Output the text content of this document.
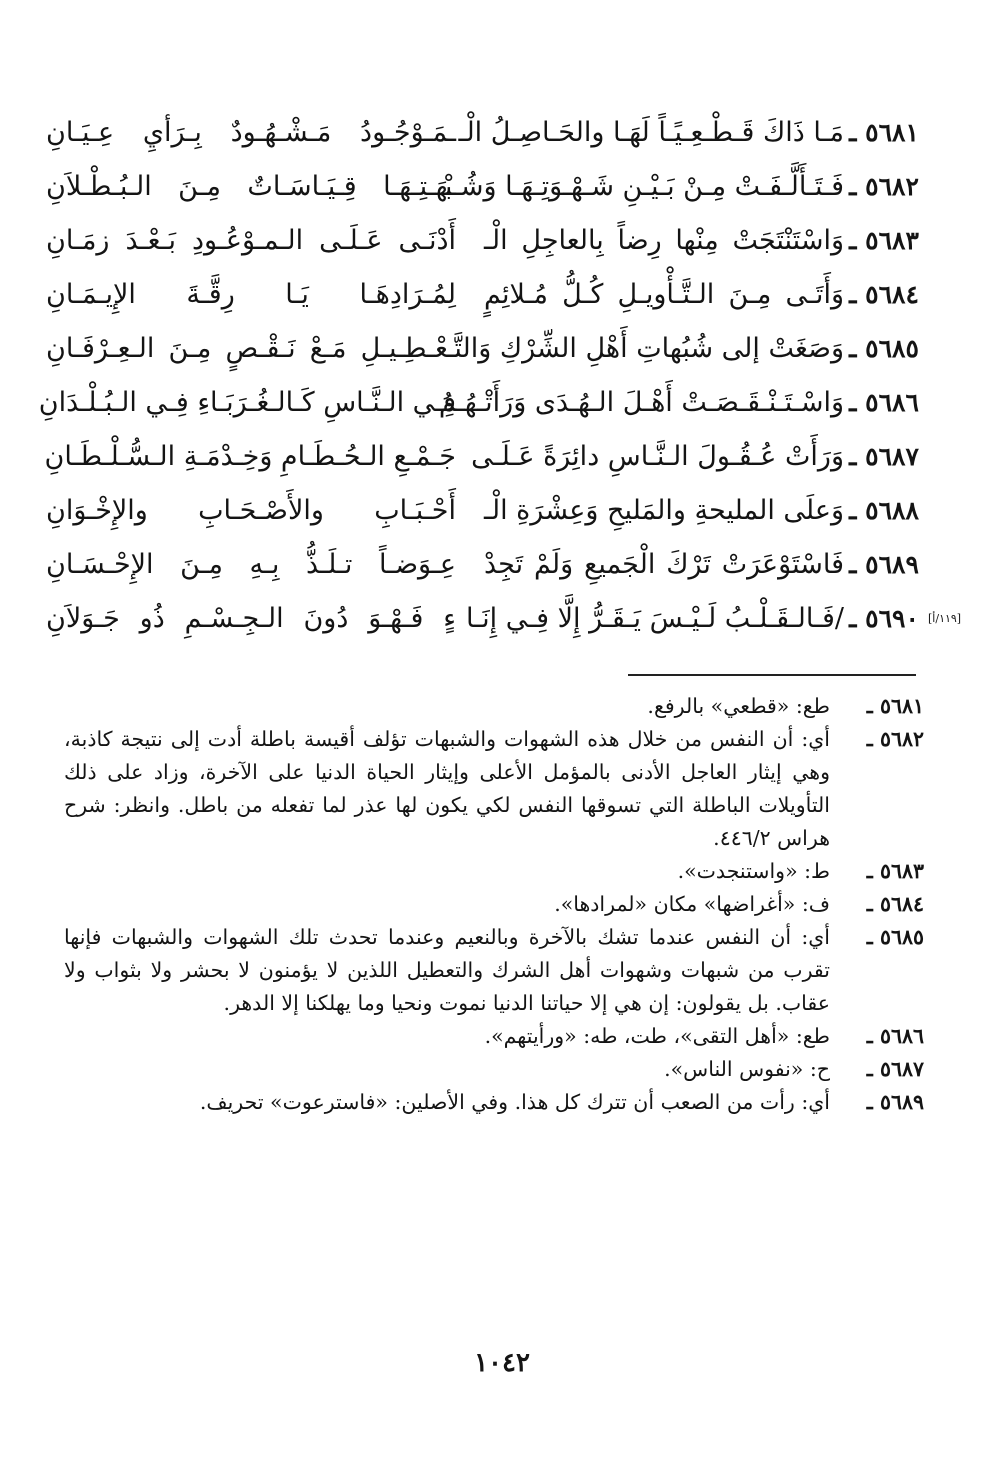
٥٦٨١ ـ
مَـا ذَاكَ قَـطْـعِـيًـاً لَهَـا والحَـاصِـلُ الْـ
ـمَـوْجُـودُ مَـشْـهُـودٌ بِـرَأيِ عِـيَـانِ
٥٦٨٢ ـ
فَـتَـأَلَّـفَـتْ مِـنْ بَـيْـنِ شَـهْـوَتِـهَـا وَشُـبْـ
ـهَـتِـهَـا قِـيَـاسَـاتٌ مِـنَ الـبُـطْـلاَنِ
٥٦٨٣ ـ
وَاسْتَنْتَجَتْ مِنْها رِضاً بِالعاجِلِ الْـ
أَدْنَـى عَـلَـى الـمـوْعُـودِ بَـعْـدَ زمَـانِ
٥٦٨٤ ـ
وَأَتَـى مِـنَ الـتَّـأْويـلِ كُـلُّ مُـلائِمٍ
لِمُـرَادِهَـا يَـا رِقَّـةَ الإِيـمَـانِ
٥٦٨٥ ـ
وَصَغَتْ إلى شُبُهاتِ أَهْلِ الشِّرْكِ وَالتَّـ
ـعْـطِـيـلِ مَـعْ نَـقْـصٍ مِـنَ الـعِـرْفَـانِ
٥٦٨٦ ـ
وَاسْـتَـنْـقَـصَـتْ أَهْـلَ الـهُـدَى وَرَأَتْـهُـمُ
فِـي الـنَّـاسِ كَـالـغُـرَبَـاءِ فِـي الـبُـلْـدَانِ
٥٦٨٧ ـ
وَرَأَتْ عُـقُـولَ الـنَّـاسِ دائِرَةً عَـلَـى
جَـمْـعِ الـحُـطَـامِ وَخِـدْمَـةِ الـسُّـلْـطَـانِ
٥٦٨٨ ـ
وَعلَى المليحةِ والمَليحِ وَعِشْرَةِ الْـ
أَحْـبَـابِ والأَصْـحَـابِ والإِخْـوَانِ
٥٦٨٩ ـ
فَاسْتَوْعَرَتْ تَرْكَ الْجَميعِ وَلَمْ تَجِدْ
عِـوَضـاً تـلَـذُّ بِـهِ مِـنَ الإِحْـسَـانِ
[١١٩/أ]
٥٦٩٠ ـ
/فَـالـقَـلْـبُ لَـيْـسَ يَـقَـرُّ إِلَّا فِـي إِنَـا
ءٍ فَـهْـوَ دُونَ الـجِـسْـمِ ذُو جَـوَلاَنِ
٥٦٨١ ـ
طع: «قطعي» بالرفع.
٥٦٨٢ ـ
أي: أن النفس من خلال هذه الشهوات والشبهات تؤلف أقيسة باطلة أدت إلى نتيجة كاذبة، وهي إيثار العاجل الأدنى بالمؤمل الأعلى وإيثار الحياة الدنيا على الآخرة، وزاد على ذلك التأويلات الباطلة التي تسوقها النفس لكي يكون لها عذر لما تفعله من باطل. وانظر: شرح هراس ٤٤٦/٢.
٥٦٨٣ ـ
ط: «واستنجدت».
٥٦٨٤ ـ
ف: «أغراضها» مكان «لمرادها».
٥٦٨٥ ـ
أي: أن النفس عندما تشك بالآخرة وبالنعيم وعندما تحدث تلك الشهوات والشبهات فإنها تقرب من شبهات وشهوات أهل الشرك والتعطيل اللذين لا يؤمنون لا بحشر ولا بثواب ولا عقاب. بل يقولون: إن هي إلا حياتنا الدنيا نموت ونحيا وما يهلكنا إلا الدهر.
٥٦٨٦ ـ
طع: «أهل التقى»، طت، طه: «ورأيتهم».
٥٦٨٧ ـ
ح: «نفوس الناس».
٥٦٨٩ ـ
أي: رأت من الصعب أن تترك كل هذا. وفي الأصلين: «فاسترعوت» تحريف.
١٠٤٢
